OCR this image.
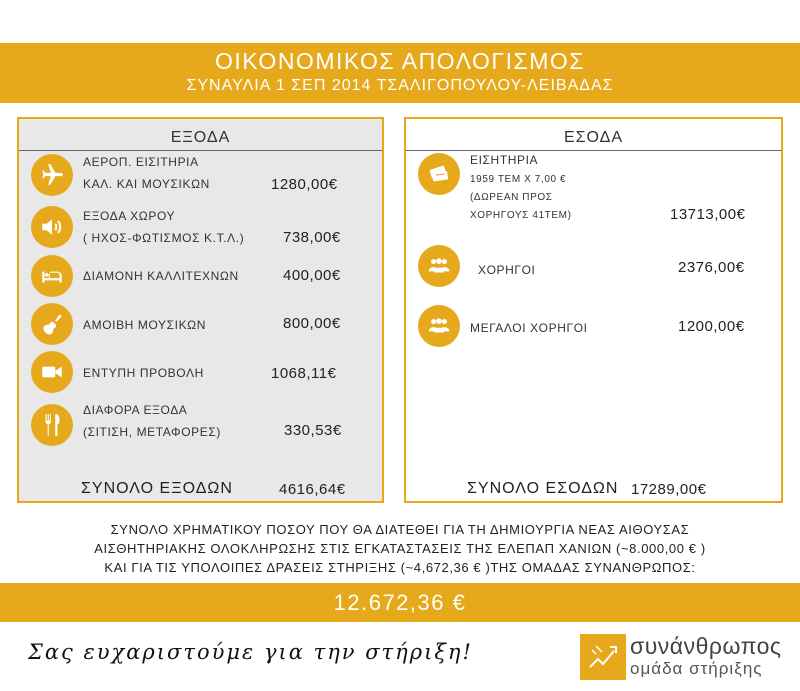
ΟΙΚΟΝΟΜΙΚΟΣ ΑΠΟΛΟΓΙΣΜΟΣ
ΣΥΝΑΥΛΙΑ 1 ΣΕΠ 2014 ΤΣΑΛΙΓΟΠΟΥΛΟΥ-ΛΕΙΒΑΔΑΣ
ΕΞΟΔΑ
ΑΕΡΟΠ. ΕΙΣΙΤΗΡΙΑ
ΚΑΛ. ΚΑΙ ΜΟΥΣΙΚΩΝ	1280,00€
ΕΞΟΔΑ ΧΩΡΟΥ
( ΗΧΟΣ-ΦΩΤΙΣΜΟΣ Κ.Τ.Λ.)	738,00€
ΔΙΑΜΟΝΗ ΚΑΛΛΙΤΕΧΝΩΝ	400,00€
ΑΜΟΙΒΗ ΜΟΥΣΙΚΩΝ	800,00€
ΕΝΤΥΠΗ ΠΡΟΒΟΛΗ	1068,11€
ΔΙΑΦΟΡΑ ΕΞΟΔΑ
(ΣΙΤΙΣΗ, ΜΕΤΑΦΟΡΕΣ)	330,53€
ΣΥΝΟΛΟ ΕΞΟΔΩΝ	4616,64€
ΕΣΟΔΑ
ΕΙΣΗΤΗΡΙΑ
1959 ΤΕΜ Χ 7,00 €
(ΔΩΡΕΑΝ ΠΡΟΣ
ΧΟΡΗΓΟΥΣ 41ΤΕΜ)	13713,00€
ΧΟΡΗΓΟΙ	2376,00€
ΜΕΓΑΛΟΙ ΧΟΡΗΓΟΙ	1200,00€
ΣΥΝΟΛΟ ΕΣΟΔΩΝ 17289,00€
ΣΥΝΟΛΟ ΧΡΗΜΑΤΙΚΟΥ ΠΟΣΟΥ ΠΟΥ ΘΑ ΔΙΑΤΕΘΕΙ ΓΙΑ ΤΗ ΔΗΜΙΟΥΡΓΙΑ ΝΕΑΣ ΑΙΘΟΥΣΑΣ
ΑΙΣΘΗΤΗΡΙΑΚΗΣ ΟΛΟΚΛΗΡΩΣΗΣ ΣΤΙΣ ΕΓΚΑΤΑΣΤΑΣΕΙΣ ΤΗΣ ΕΛΕΠΑΠ ΧΑΝΙΩΝ (~8.000,00 € )
ΚΑΙ ΓΙΑ ΤΙΣ ΥΠΟΛΟΙΠΕΣ ΔΡΑΣΕΙΣ ΣΤΗΡΙΞΗΣ (~4,672,36 € )ΤΗΣ ΟΜΑΔΑΣ ΣΥΝΑΝΘΡΩΠΟΣ:
12.672,36 €
Σας ευχαριστούμε για την στήριξη!	συνάνθρωπος
ομάδα στήριξης
